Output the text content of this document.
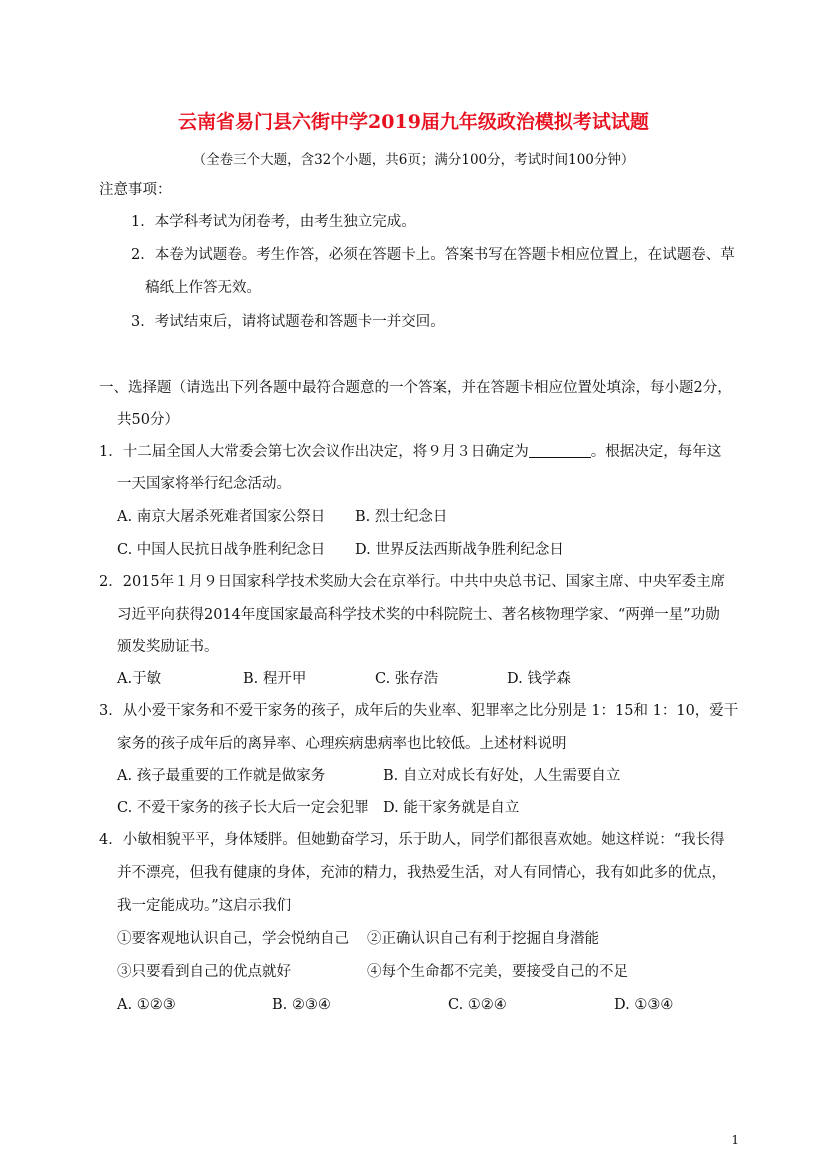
云南省易门县六街中学2019届九年级政治模拟考试试题
（全卷三个大题，含32个小题，共6页；满分100分，考试时间100分钟）
注意事项：
1．本学科考试为闭卷考，由考生独立完成。
2．本卷为试题卷。考生作答，必须在答题卡上。答案书写在答题卡相应位置上，在试题卷、草
稿纸上作答无效。
3．考试结束后，请将试题卷和答题卡一并交回。
一、选择题（请选出下列各题中最符合题意的一个答案，并在答题卡相应位置处填涂，每小题2分，
共50分）
1．十二届全国人大常委会第七次会议作出决定，将９月３日确定为	。根据决定，每年这
一天国家将举行纪念活动。
A. 南京大屠杀死难者国家公祭日 B. 烈士纪念日
C. 中国人民抗日战争胜利纪念日 D. 世界反法西斯战争胜利纪念日
2．2015年１月９日国家科学技术奖励大会在京举行。中共中央总书记、国家主席、中央军委主席
习近平向获得2014年度国家最高科学技术奖的中科院院士、著名核物理学家、“两弹一星”功勋
颁发奖励证书。
A.于敏	B. 程开甲	C. 张存浩	D. 钱学森
3．从小爱干家务和不爱干家务的孩子，成年后的失业率、犯罪率之比分别是 1：15和 1：10，爱干
家务的孩子成年后的离异率、心理疾病患病率也比较低。上述材料说明
A. 孩子最重要的工作就是做家务	B. 自立对成长有好处，人生需要自立
C. 不爱干家务的孩子长大后一定会犯罪 D. 能干家务就是自立
4．小敏相貌平平，身体矮胖。但她勤奋学习，乐于助人，同学们都很喜欢她。她这样说：“我长得
并不漂亮，但我有健康的身体，充沛的精力，我热爱生活，对人有同情心，我有如此多的优点，
我一定能成功。”这启示我们
①要客观地认识自己，学会悦纳自己 ②正确认识自己有利于挖掘自身潜能
③只要看到自己的优点就好	④每个生命都不完美，要接受自己的不足
A. ①②③	B. ②③④	C. ①②④	D. ①③④
1
